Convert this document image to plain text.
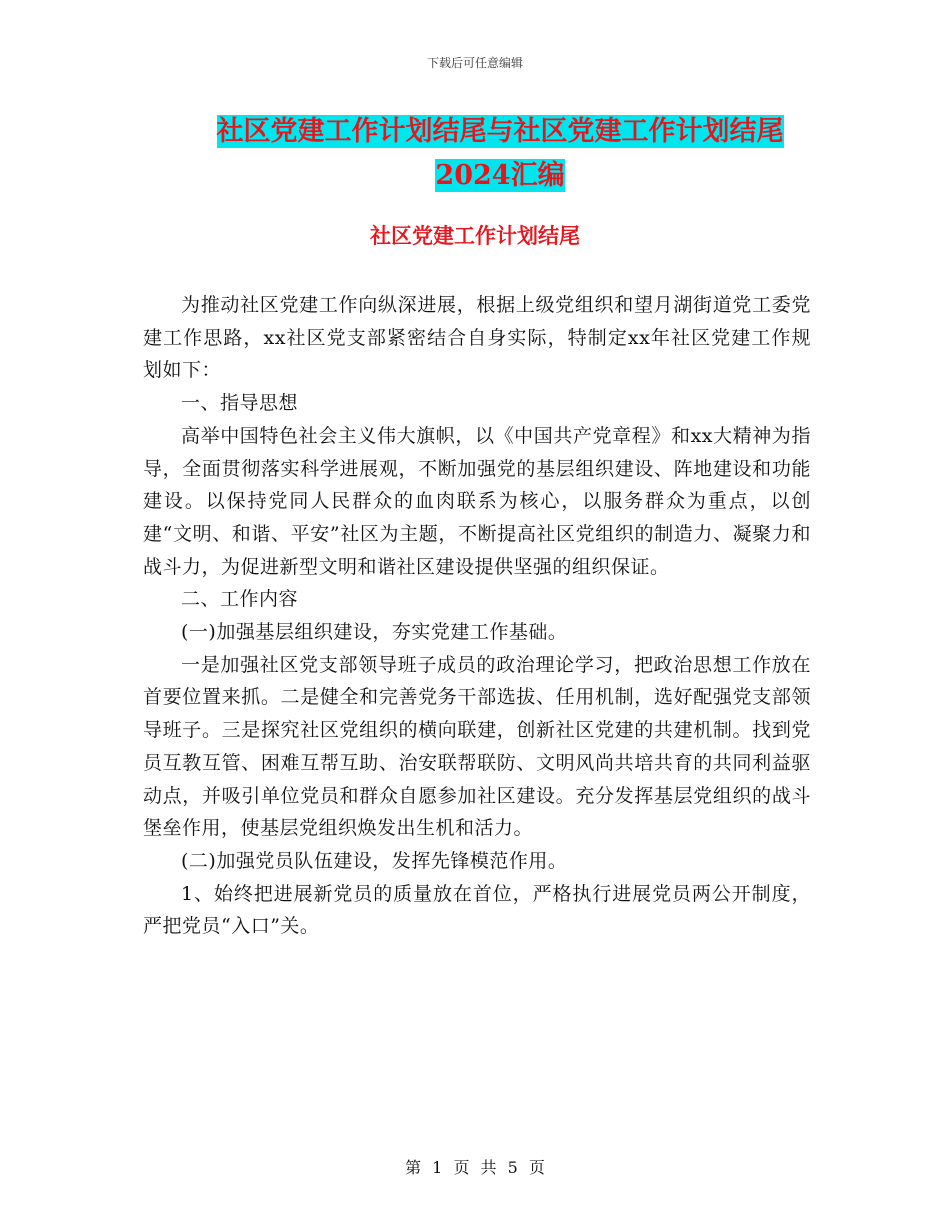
下载后可任意编辑
社区党建工作计划结尾与社区党建工作计划结尾2024汇编
社区党建工作计划结尾

为推动社区党建工作向纵深进展，根据上级党组织和望月湖街道党工委党建工作思路，xx社区党支部紧密结合自身实际，特制定xx年社区党建工作规划如下：

一、指导思想

高举中国特色社会主义伟大旗帜，以《中国共产党章程》和xx大精神为指导，全面贯彻落实科学进展观，不断加强党的基层组织建设、阵地建设和功能建设。以保持党同人民群众的血肉联系为核心，以服务群众为重点，以创建“文明、和谐、平安”社区为主题，不断提高社区党组织的制造力、凝聚力和战斗力，为促进新型文明和谐社区建设提供坚强的组织保证。

二、工作内容

(一)加强基层组织建设，夯实党建工作基础。

一是加强社区党支部领导班子成员的政治理论学习，把政治思想工作放在首要位置来抓。二是健全和完善党务干部选拔、任用机制，选好配强党支部领导班子。三是探究社区党组织的横向联建，创新社区党建的共建机制。找到党员互教互管、困难互帮互助、治安联帮联防、文明风尚共培共育的共同利益驱动点，并吸引单位党员和群众自愿参加社区建设。充分发挥基层党组织的战斗堡垒作用，使基层党组织焕发出生机和活力。

(二)加强党员队伍建设，发挥先锋模范作用。

1、始终把进展新党员的质量放在首位，严格执行进展党员两公开制度，严把党员“入口”关。

第 1 页 共 5 页
